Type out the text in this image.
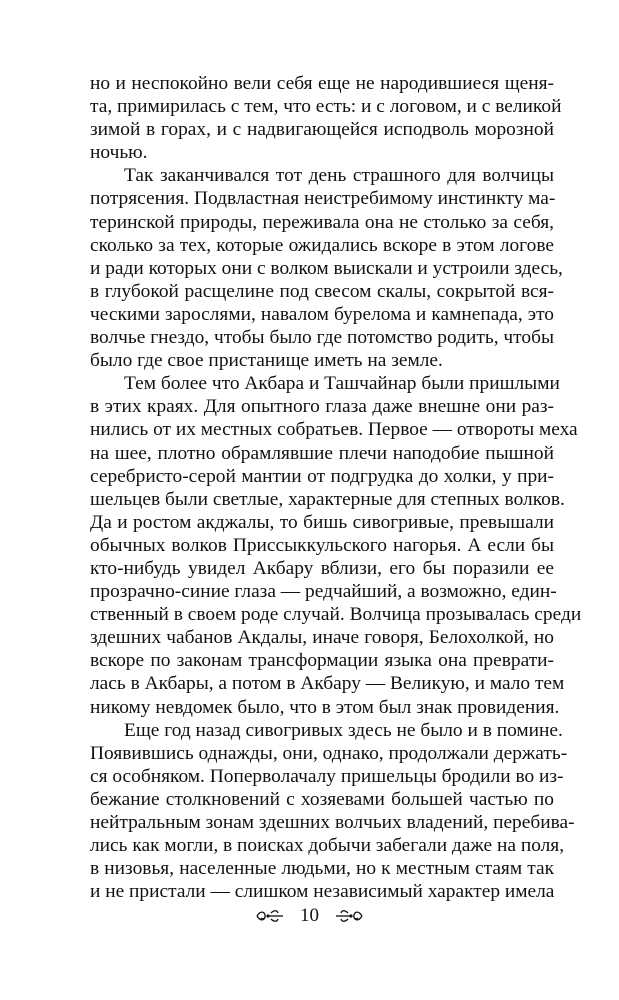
но и неспокойно вели себя еще не народившиеся щеня-
та, примирилась с тем, что есть: и с логовом, и с великой
зимой в горах, и с надвигающейся исподволь морозной
ночью.
Так заканчивался тот день страшного для волчицы
потрясения. Подвластная неистребимому инстинкту ма-
теринской природы, переживала она не столько за себя,
сколько за тех, которые ожидались вскоре в этом логове
и ради которых они с волком выискали и устроили здесь,
в глубокой расщелине под свесом скалы, сокрытой вся-
ческими зарослями, навалом бурелома и камнепада, это
волчье гнездо, чтобы было где потомство родить, чтобы
было где свое пристанище иметь на земле.
Тем более что Акбара и Ташчайнар были пришлыми
в этих краях. Для опытного глаза даже внешне они раз-
нились от их местных собратьев. Первое — отвороты меха
на шее, плотно обрамлявшие плечи наподобие пышной
серебристо-серой мантии от подгрудка до холки, у при-
шельцев были светлые, характерные для степных волков.
Да и ростом акджалы, то бишь сивогривые, превышали
обычных волков Приссыккульского нагорья. А если бы
кто-нибудь увидел Акбару вблизи, его бы поразили ее
прозрачно-синие глаза — редчайший, а возможно, един-
ственный в своем роде случай. Волчица прозывалась среди
здешних чабанов Акдалы, иначе говоря, Белохолкой, но
вскоре по законам трансформации языка она преврати-
лась в Акбары, а потом в Акбару — Великую, и мало тем
никому невдомек было, что в этом был знак провидения.
Еще год назад сивогривых здесь не было и в помине.
Появившись однажды, они, однако, продолжали держать-
ся особняком. Поперволачалу пришельцы бродили во из-
бежание столкновений с хозяевами большей частью по
нейтральным зонам здешних волчьих владений, перебива-
лись как могли, в поисках добычи забегали даже на поля,
в низовья, населенные людьми, но к местным стаям так
и не пристали — слишком независимый характер имела
10
